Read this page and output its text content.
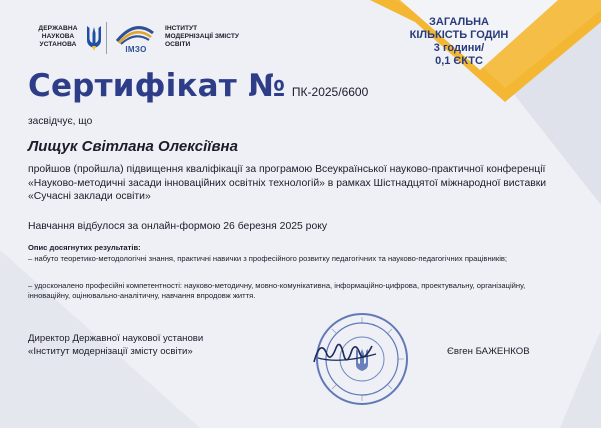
ДЕРЖАВНА
НАУКОВА
УСТАНОВА
ІМЗО
ІНСТИТУТ
МОДЕРНІЗАЦІЇ ЗМІСТУ
ОСВІТИ
ЗАГАЛЬНА
КІЛЬКІСТЬ ГОДИН
3 години/
0,1 ЄКТС
Сертифікат № ПК-2025/6600
засвідчує, що
Лищук Світлана Олексіївна
пройшов (пройшла) підвищення кваліфікації за програмою Всеукраїнської науково-практичної конференції «Науково-методичні засади інноваційних освітніх технологій» в рамках Шістнадцятої міжнародної виставки «Сучасні заклади освіти»
Навчання відбулося за онлайн-формою 26 березня 2025 року
Опис досягнутих результатів:
– набуто теоретико-методологічні знання, практичні навички з професійного розвитку педагогічних та науково-педагогічних працівників;
– удосконалено професійні компетентності: науково-методичну, мовно-комунікативна, інформаційно-цифрова, проектувальну, організаційну, інноваційну, оцінювально-аналітичну, навчання впродовж життя.
Директор Державної наукової установи
«Інститут модернізації змісту освіти»	Євген БАЖЕНКОВ
